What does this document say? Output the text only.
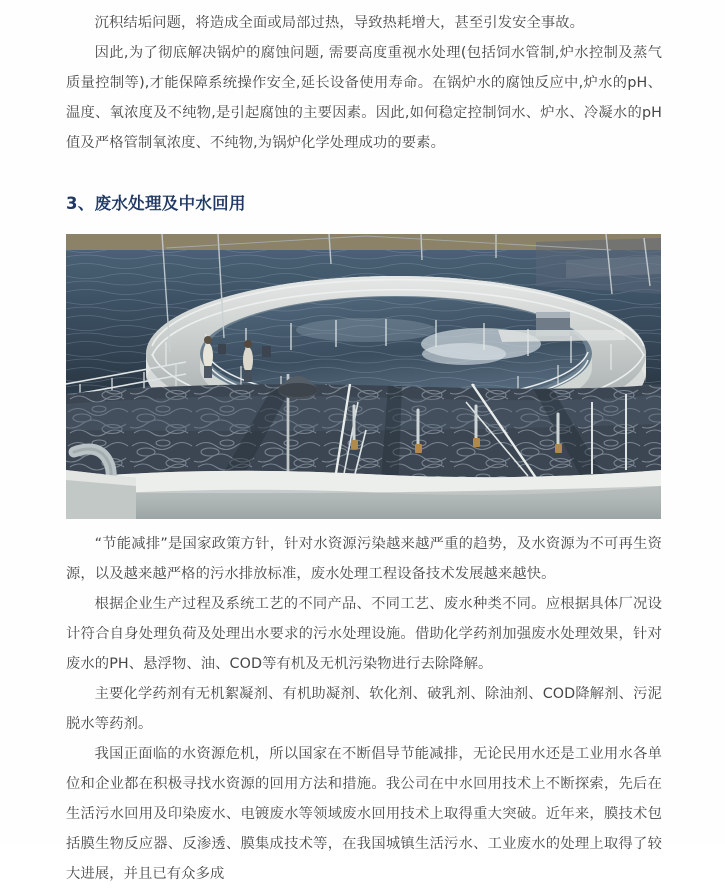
沉积结垢问题，将造成全面或局部过热，导致热耗增大，甚至引发安全事故。

因此,为了彻底解决锅炉的腐蚀问题, 需要高度重视水处理(包括饲水管制,炉水控制及蒸气质量控制等),才能保障系统操作安全,延长设备使用寿命。在锅炉水的腐蚀反应中,炉水的pH、温度、氧浓度及不纯物,是引起腐蚀的主要因素。因此,如何稳定控制饲水、炉水、冷凝水的pH值及严格管制氧浓度、不纯物,为锅炉化学处理成功的要素。

3、废水处理及中水回用

“节能减排”是国家政策方针，针对水资源污染越来越严重的趋势，及水资源为不可再生资源，以及越来越严格的污水排放标准，废水处理工程设备技术发展越来越快。

根据企业生产过程及系统工艺的不同产品、不同工艺、废水种类不同。应根据具体厂况设计符合自身处理负荷及处理出水要求的污水处理设施。借助化学药剂加强废水处理效果，针对废水的PH、悬浮物、油、COD等有机及无机污染物进行去除降解。

主要化学药剂有无机絮凝剂、有机助凝剂、软化剂、破乳剂、除油剂、COD降解剂、污泥脱水等药剂。

我国正面临的水资源危机，所以国家在不断倡导节能减排，无论民用水还是工业用水各单位和企业都在积极寻找水资源的回用方法和措施。我公司在中水回用技术上不断探索，先后在生活污水回用及印染废水、电镀废水等领域废水回用技术上取得重大突破。近年来，膜技术包括膜生物反应器、反渗透、膜集成技术等，在我国城镇生活污水、工业废水的处理上取得了较大进展，并且已有众多成
